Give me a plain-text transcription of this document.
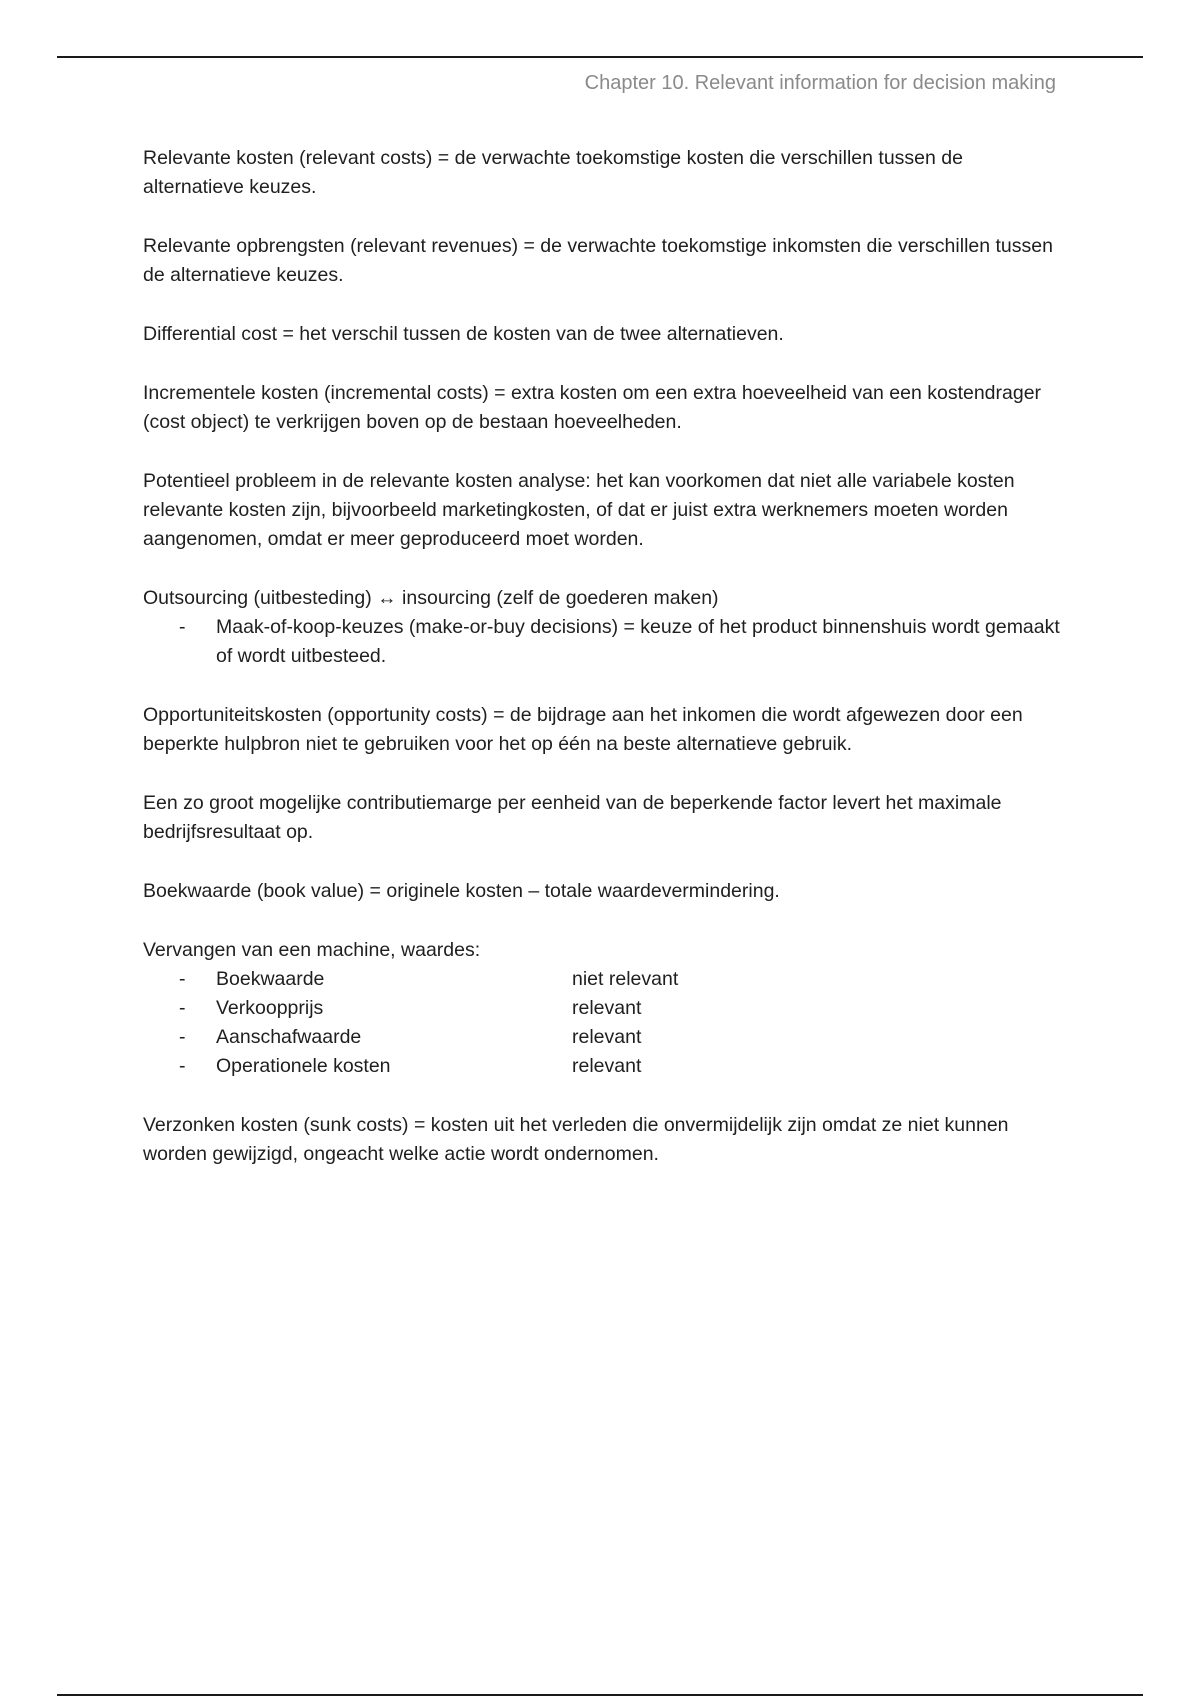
Chapter 10. Relevant information for decision making

Relevante kosten (relevant costs) = de verwachte toekomstige kosten die verschillen tussen de alternatieve keuzes.

Relevante opbrengsten (relevant revenues) = de verwachte toekomstige inkomsten die verschillen tussen de alternatieve keuzes.

Differential cost = het verschil tussen de kosten van de twee alternatieven.

Incrementele kosten (incremental costs) = extra kosten om een extra hoeveelheid van een kostendrager (cost object) te verkrijgen boven op de bestaan hoeveelheden.

Potentieel probleem in de relevante kosten analyse: het kan voorkomen dat niet alle variabele kosten relevante kosten zijn, bijvoorbeeld marketingkosten, of dat er juist extra werknemers moeten worden aangenomen, omdat er meer geproduceerd moet worden.

Outsourcing (uitbesteding) ↔ insourcing (zelf de goederen maken)
-	Maak-of-koop-keuzes (make-or-buy decisions) = keuze of het product binnenshuis wordt gemaakt of wordt uitbesteed.

Opportuniteitskosten (opportunity costs) = de bijdrage aan het inkomen die wordt afgewezen door een beperkte hulpbron niet te gebruiken voor het op één na beste alternatieve gebruik.

Een zo groot mogelijke contributiemarge per eenheid van de beperkende factor levert het maximale bedrijfsresultaat op.

Boekwaarde (book value) = originele kosten – totale waardevermindering.

Vervangen van een machine, waardes:
-	Boekwaarde	niet relevant
-	Verkoopprijs	relevant
-	Aanschafwaarde	relevant
-	Operationele kosten	relevant

Verzonken kosten (sunk costs) = kosten uit het verleden die onvermijdelijk zijn omdat ze niet kunnen worden gewijzigd, ongeacht welke actie wordt ondernomen.
